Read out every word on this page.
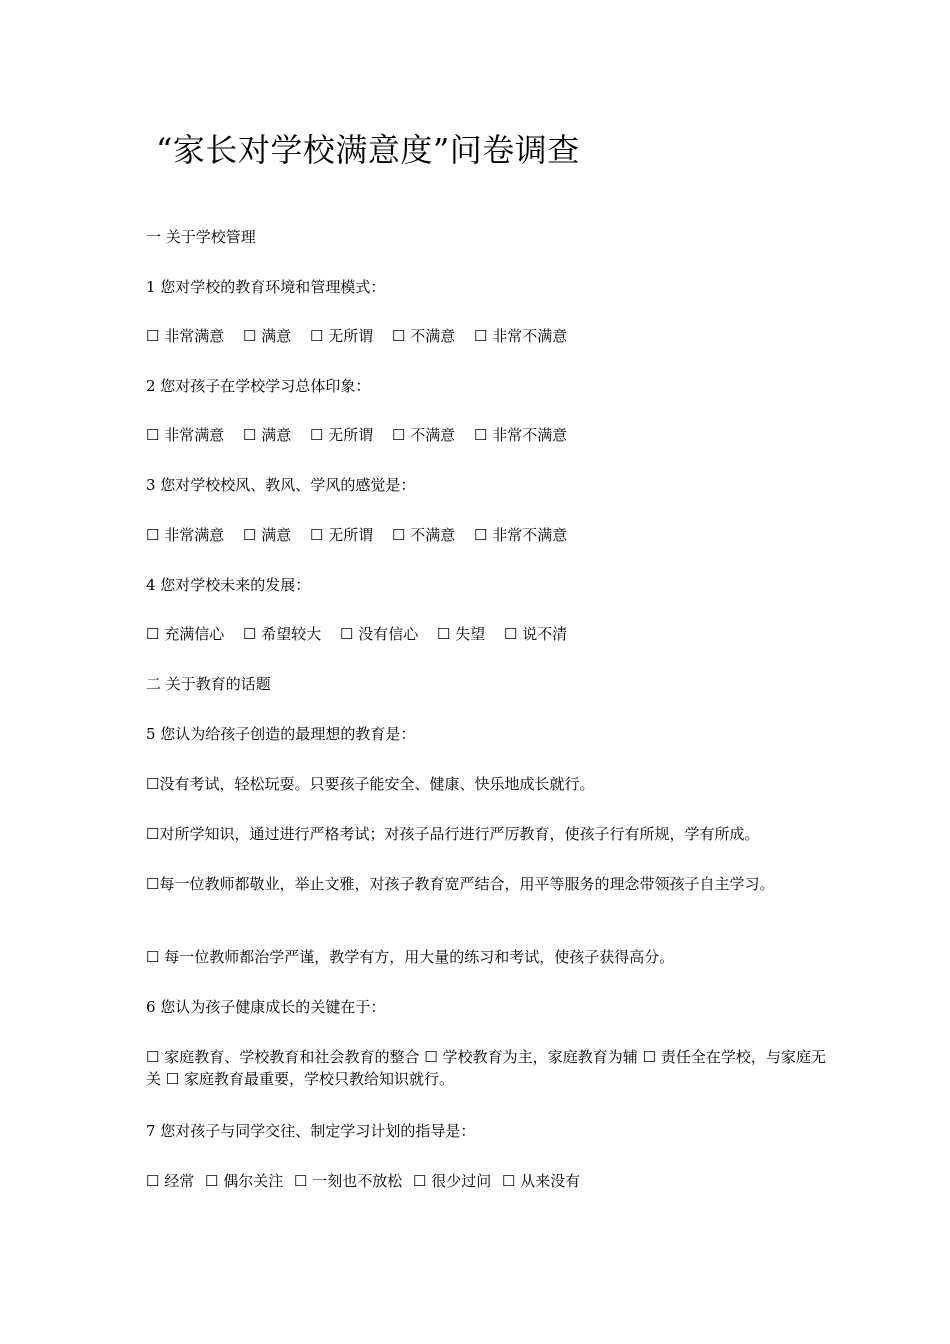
“家长对学校满意度”问卷调查
一 关于学校管理
1 您对学校的教育环境和管理模式：
☐ 非常满意 ☐ 满意 ☐ 无所谓 ☐ 不满意 ☐ 非常不满意
2 您对孩子在学校学习总体印象：
☐ 非常满意 ☐ 满意 ☐ 无所谓 ☐ 不满意 ☐ 非常不满意
3 您对学校校风、教风、学风的感觉是：
☐ 非常满意 ☐ 满意 ☐ 无所谓 ☐ 不满意 ☐ 非常不满意
4 您对学校未来的发展：
☐ 充满信心 ☐ 希望较大 ☐ 没有信心 ☐ 失望 ☐ 说不清
二 关于教育的话题
5 您认为给孩子创造的最理想的教育是：
☐没有考试，轻松玩耍。只要孩子能安全、健康、快乐地成长就行。
☐对所学知识，通过进行严格考试；对孩子品行进行严厉教育，使孩子行有所规，学有所成。
☐每一位教师都敬业，举止文雅，对孩子教育宽严结合，用平等服务的理念带领孩子自主学习。
☐ 每一位教师都治学严谨，教学有方，用大量的练习和考试，使孩子获得高分。
6 您认为孩子健康成长的关键在于：
☐ 家庭教育、学校教育和社会教育的整合 ☐ 学校教育为主，家庭教育为辅 ☐ 责任全在学校，与家庭无关 ☐ 家庭教育最重要，学校只教给知识就行。
7 您对孩子与同学交往、制定学习计划的指导是：
☐ 经常 ☐ 偶尔关注 ☐ 一刻也不放松 ☐ 很少过问 ☐ 从来没有
